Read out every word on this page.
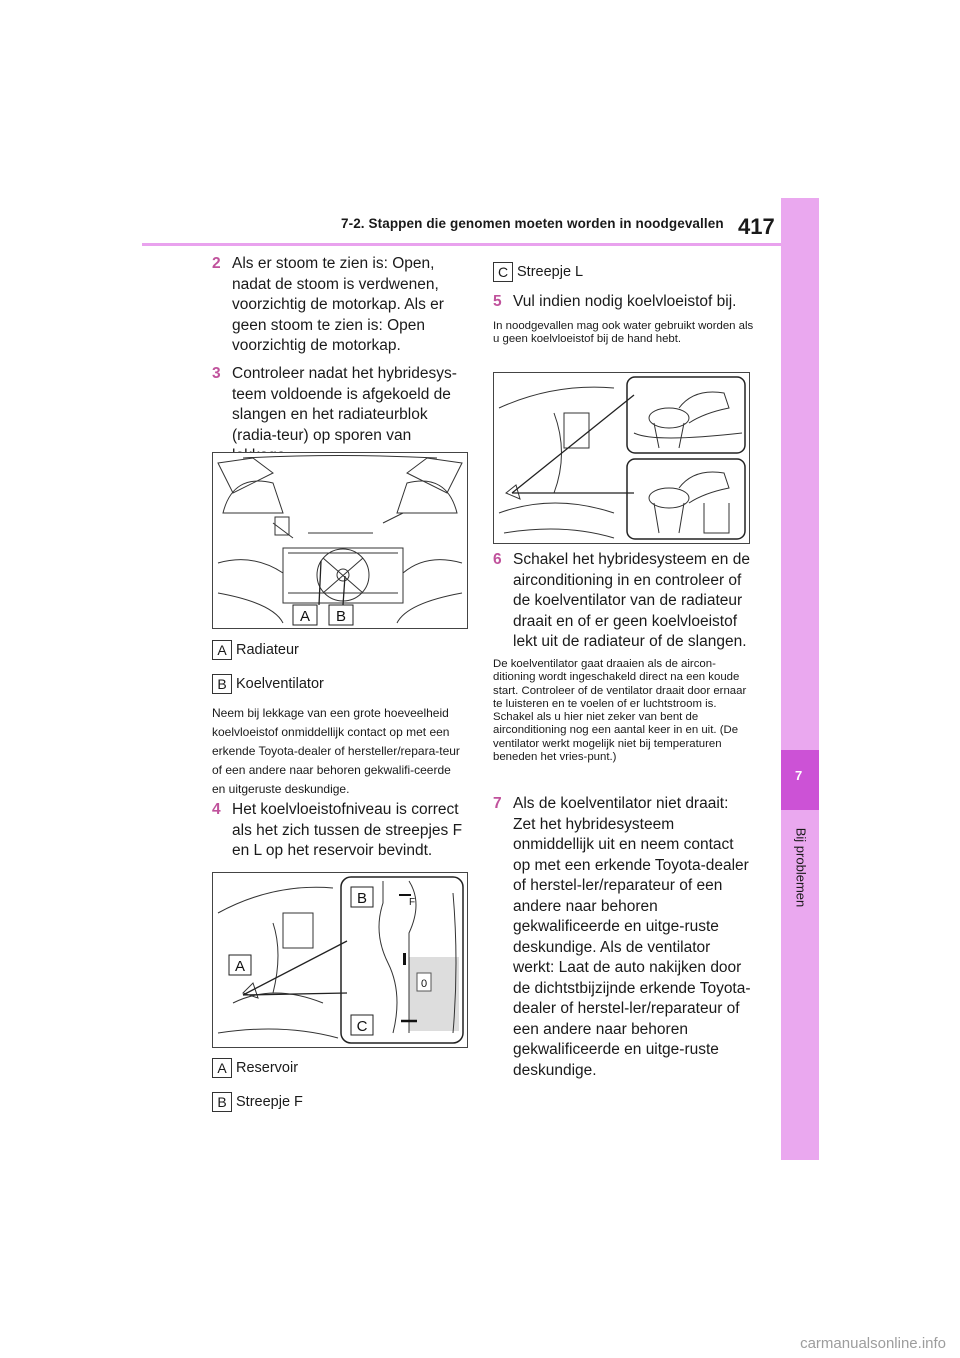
7-2. Stappen die genomen moeten worden in noodgevallen 417
7
Bij problemen
2 Als er stoom te zien is: Open, nadat de stoom is verdwenen, voorzichtig de motorkap. Als er geen stoom te zien is: Open voorzichtig de motorkap.
3 Controleer nadat het hybridesys-teem voldoende is afgekoeld de slangen en het radiateurblok (radia-teur) op sporen van
A B
A Radiateur
B Koelventilator
Neem bij lekkage van een grote hoeveelheid koelvloeistof onmiddellijk contact op met een erkende Toyota-dealer of hersteller/repara-teur of een andere naar behoren gekwalifi-ceerde en uitgeruste deskundige.
4 Het koelvloeistofniveau is correct als het zich tussen de streepjes F en L op het reservoir bevindt.
F
0
A
B
C
A Reservoir
B Streepje F
C Streepje L
5 Vul indien nodig koelvloeistof bij.
In noodgevallen mag ook water gebruikt worden als u geen koelvloeistof bij de hand hebt.
6 Schakel het hybridesysteem en de airconditioning in en controleer of de koelventilator van de radiateur draait en of er geen koelvloeistof lekt uit de radiateur of de slangen.
De koelventilator gaat draaien als de aircon-ditioning wordt ingeschakeld direct na een koude start. Controleer of de ventilator draait door ernaar te luisteren en te voelen of er luchtstroom is. Schakel als u hier niet zeker van bent de airconditioning nog een aantal keer in en uit. (De ventilator werkt mogelijk niet bij temperaturen beneden het vries-punt.)
7 Als de koelventilator niet draait: Zet het hybridesysteem onmiddellijk uit en neem contact op met een erkende Toyota-dealer of herstel-ler/reparateur of een andere naar behoren gekwalificeerde en uitge-ruste deskundige. Als de ventilator werkt: Laat de auto nakijken door de dichtstbijzijnde erkende Toyota-dealer of herstel-ler/reparateur of een andere naar behoren gekwalificeerde en uitge-ruste deskundige.
carmanualsonline.info
